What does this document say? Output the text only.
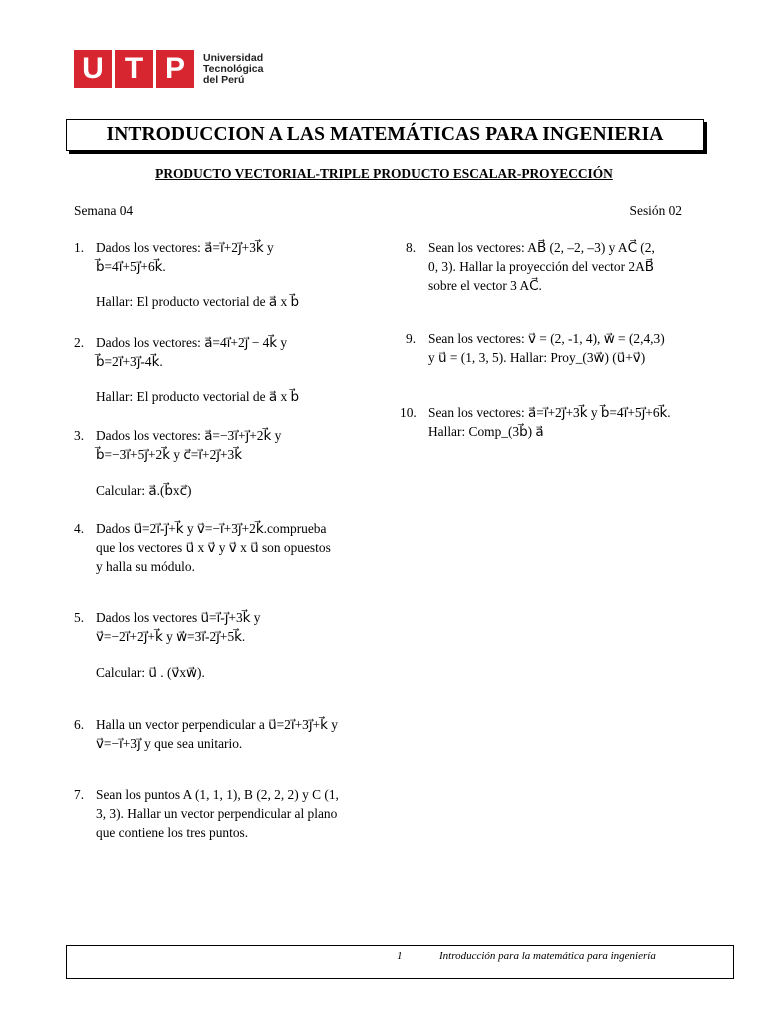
U T P	Universidad
Tecnológica
del Perú
INTRODUCCION A LAS MATEMÁTICAS PARA INGENIERIA
PRODUCTO VECTORIAL-TRIPLE PRODUCTO ESCALAR-PROYECCIÓN
Semana 04	Sesión 02
1. Dados los vectores: a⃗=i⃗+2j⃗+3k⃗ y
b⃗=4i⃗+5j⃗+6k⃗.
Hallar: El producto vectorial de a⃗ x b⃗
2. Dados los vectores: a⃗=4i⃗+2j⃗ − 4k⃗ y
b⃗=2i⃗+3j⃗-4k⃗.
Hallar: El producto vectorial de a⃗ x b⃗
3. Dados los vectores: a⃗=−3i⃗+j⃗+2k⃗ y
b⃗=−3i⃗+5j⃗+2k⃗ y c⃗=i⃗+2j⃗+3k⃗
Calcular: a⃗.(b⃗xc⃗)
4. Dados u⃗=2i⃗-j⃗+k⃗ y v⃗=−i⃗+3j⃗+2k⃗.comprueba
que los vectores u⃗ x v⃗ y v⃗ x u⃗ son opuestos
y halla su módulo.
5. Dados los vectores u⃗=i⃗-j⃗+3k⃗ y
v⃗=−2i⃗+2j⃗+k⃗ y w⃗=3i⃗-2j⃗+5k⃗.
Calcular: u⃗ . (v⃗xw⃗).
6. Halla un vector perpendicular a u⃗=2i⃗+3j⃗+k⃗ y
v⃗=−i⃗+3j⃗ y que sea unitario.
7. Sean los puntos A (1, 1, 1), B (2, 2, 2) y C (1,
3, 3). Hallar un vector perpendicular al plano
que contiene los tres puntos.
8. Sean los vectores: AB⃗ (2, –2, –3) y AC⃗ (2,
0, 3). Hallar la proyección del vector 2AB⃗
sobre el vector 3 AC⃗.
9. Sean los vectores: v⃗ = (2, -1, 4), w⃗ = (2,4,3)
y u⃗ = (1, 3, 5). Hallar: Proy_(3w⃗) (u⃗+v⃗)
10. Sean los vectores: a⃗=i⃗+2j⃗+3k⃗ y b⃗=4i⃗+5j⃗+6k⃗.
Hallar: Comp_(3b⃗) a⃗
1	Introducción para la matemática para ingeniería
